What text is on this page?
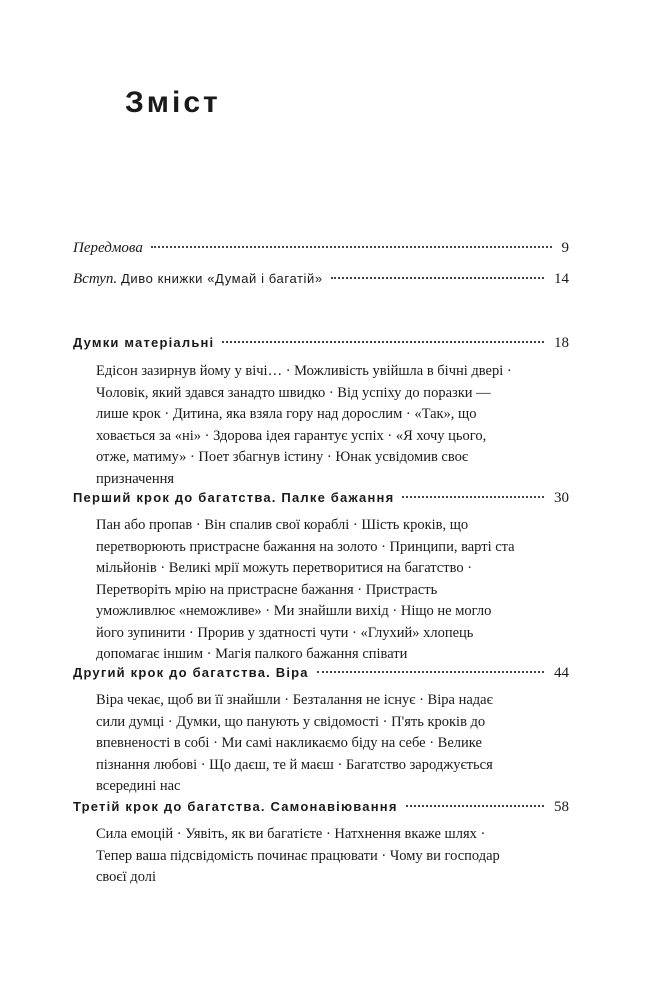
Зміст
Передмова	9
Вступ. Диво книжки «Думай і багатій»	14
Думки матеріальні	18

Едісон зазирнув йому у вічі… · Можливість увійшла в бічні двері · Чоловік, який здався занадто швидко · Від успіху до поразки — лише крок · Дитина, яка взяла гору над дорослим · «Так», що ховається за «ні» · Здорова ідея гарантує успіх · «Я хочу цього, отже, матиму» · Поет збагнув істину · Юнак усвідомив своє призначення

Перший крок до багатства. Палке бажання	30

Пан або пропав · Він спалив свої кораблі · Шість кроків, що перетворюють пристрасне бажання на золото · Принципи, варті ста мільйонів · Великі мрії можуть перетворитися на багатство · Перетворіть мрію на пристрасне бажання · Пристрасть уможливлює «неможливе» · Ми знайшли вихід · Ніщо не могло його зупинити · Прорив у здатності чути · «Глухий» хлопець допомагає іншим · Магія палкого бажання співати

Другий крок до багатства. Віра	44

Віра чекає, щоб ви її знайшли · Безталання не існує · Віра надає сили думці · Думки, що панують у свідомості · П'ять кроків до впевненості в собі · Ми самі накликаємо біду на себе · Велике пізнання любові · Що даєш, те й маєш · Багатство зароджується всередині нас

Третій крок до багатства. Самонавіювання	58

Сила емоцій · Уявіть, як ви багатієте · Натхнення вкаже шлях · Тепер ваша підсвідомість починає працювати · Чому ви господар своєї долі
